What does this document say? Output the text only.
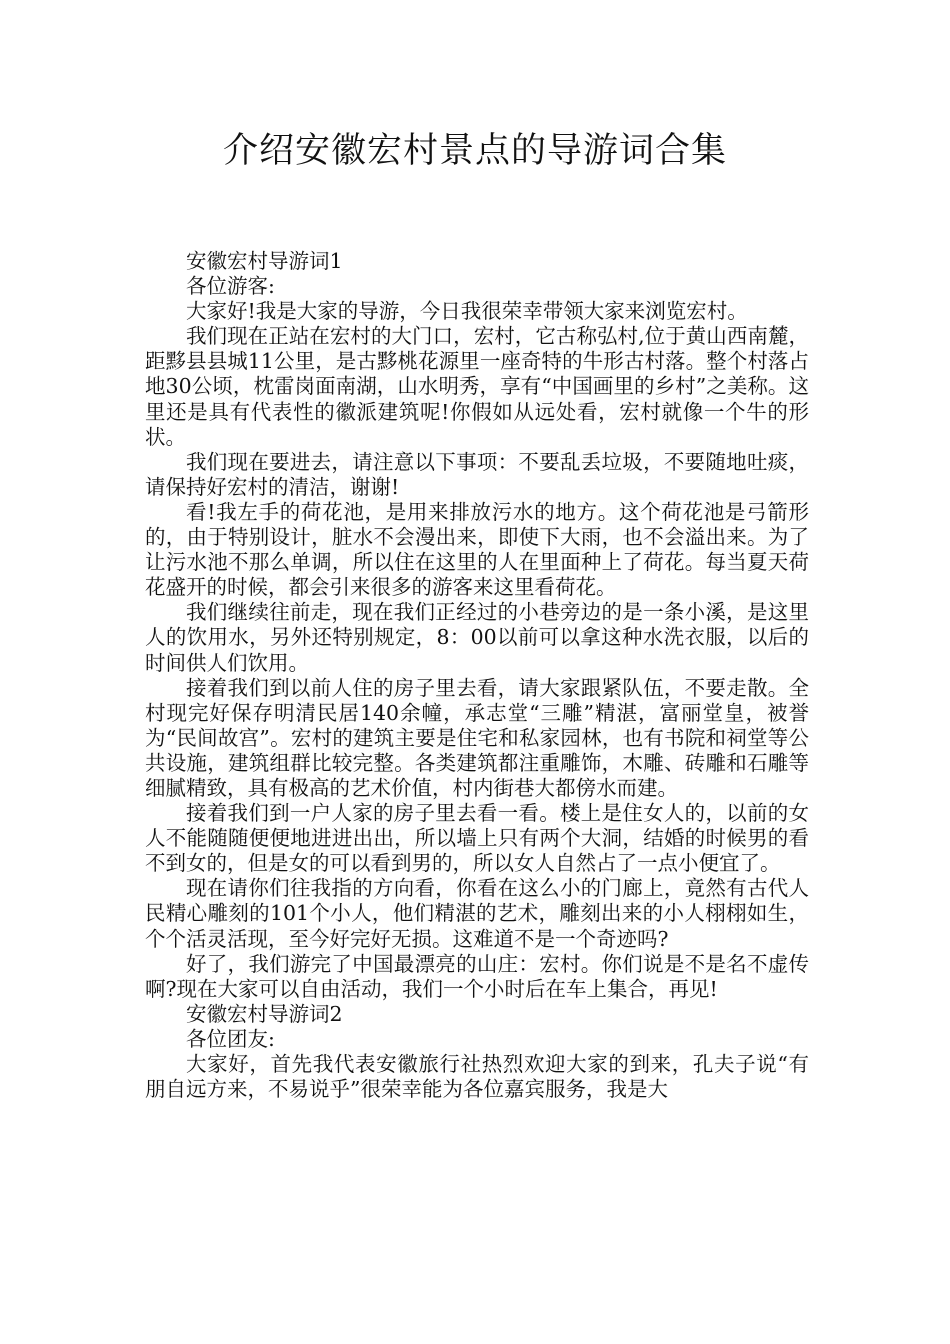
介绍安徽宏村景点的导游词合集

安徽宏村导游词1

各位游客:

大家好!我是大家的导游，今日我很荣幸带领大家来浏览宏村。

我们现在正站在宏村的大门口，宏村，它古称弘村,位于黄山西南麓，距黟县县城11公里，是古黟桃花源里一座奇特的牛形古村落。整个村落占地30公顷，枕雷岗面南湖，山水明秀，享有“中国画里的乡村”之美称。这里还是具有代表性的徽派建筑呢!你假如从远处看，宏村就像一个牛的形状。

我们现在要进去，请注意以下事项：不要乱丢垃圾，不要随地吐痰，请保持好宏村的清洁，谢谢!

看!我左手的荷花池，是用来排放污水的地方。这个荷花池是弓箭形的，由于特别设计，脏水不会漫出来，即使下大雨，也不会溢出来。为了让污水池不那么单调，所以住在这里的人在里面种上了荷花。每当夏天荷花盛开的时候，都会引来很多的游客来这里看荷花。

我们继续往前走，现在我们正经过的小巷旁边的是一条小溪，是这里人的饮用水，另外还特别规定，8：00以前可以拿这种水洗衣服，以后的时间供人们饮用。

接着我们到以前人住的房子里去看，请大家跟紧队伍，不要走散。全村现完好保存明清民居140余幢，承志堂“三雕”精湛，富丽堂皇，被誉为“民间故宫”。宏村的建筑主要是住宅和私家园林，也有书院和祠堂等公共设施，建筑组群比较完整。各类建筑都注重雕饰，木雕、砖雕和石雕等细腻精致，具有极高的艺术价值，村内街巷大都傍水而建。

接着我们到一户人家的房子里去看一看。楼上是住女人的，以前的女人不能随随便便地进进出出，所以墙上只有两个大洞，结婚的时候男的看不到女的，但是女的可以看到男的，所以女人自然占了一点小便宜了。

现在请你们往我指的方向看，你看在这么小的门廊上，竟然有古代人民精心雕刻的101个小人，他们精湛的艺术，雕刻出来的小人栩栩如生，个个活灵活现，至今好完好无损。这难道不是一个奇迹吗?

好了，我们游完了中国最漂亮的山庄：宏村。你们说是不是名不虚传啊?现在大家可以自由活动，我们一个小时后在车上集合，再见!

安徽宏村导游词2

各位团友:

大家好，首先我代表安徽旅行社热烈欢迎大家的到来，孔夫子说“有朋自远方来，不易说乎”很荣幸能为各位嘉宾服务，我是大
